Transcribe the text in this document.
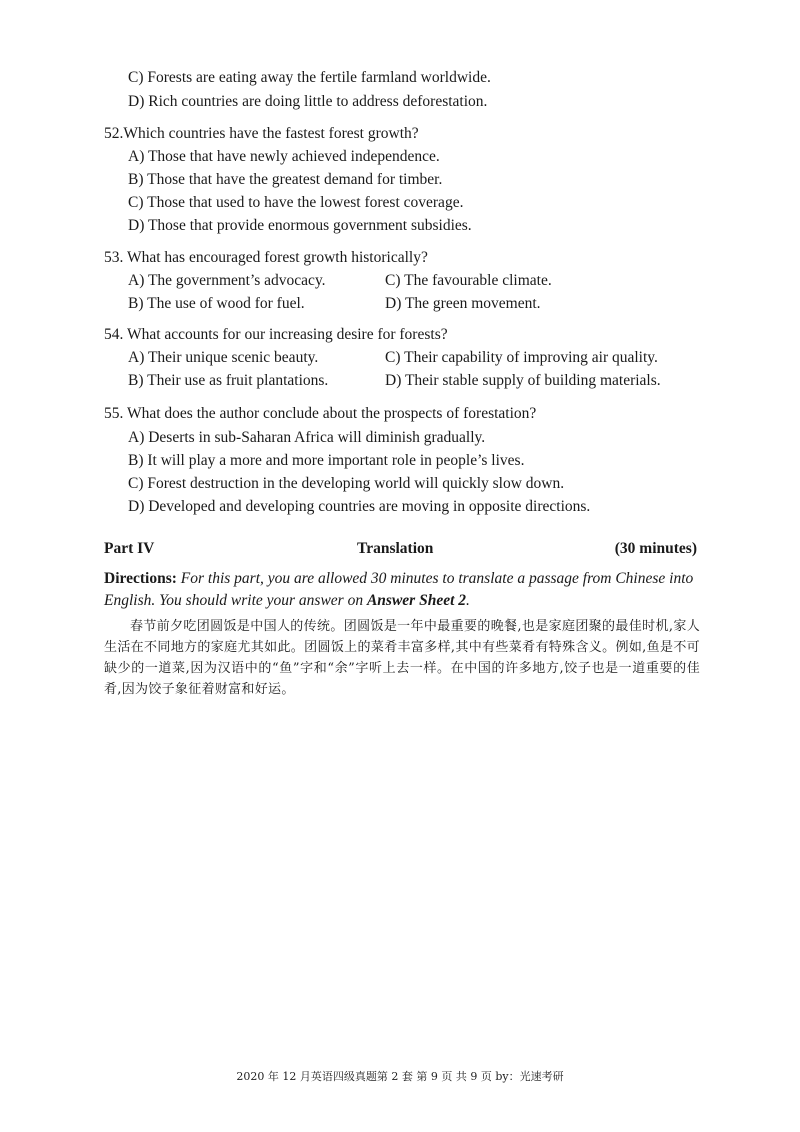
C) Forests are eating away the fertile farmland worldwide.
D) Rich countries are doing little to address deforestation.
52.Which countries have the fastest forest growth?
A) Those that have newly achieved independence.
B) Those that have the greatest demand for timber.
C) Those that used to have the lowest forest coverage.
D) Those that provide enormous government subsidies.
53. What has encouraged forest growth historically?
A) The government’s advocacy.	C) The favourable climate.
B) The use of wood for fuel.	D) The green movement.
54. What accounts for our increasing desire for forests?
A) Their unique scenic beauty.	C) Their capability of improving air quality.
B) Their use as fruit plantations.	D) Their stable supply of building materials.
55. What does the author conclude about the prospects of forestation?
A) Deserts in sub-Saharan Africa will diminish gradually.
B) It will play a more and more important role in people’s lives.
C) Forest destruction in the developing world will quickly slow down.
D) Developed and developing countries are moving in opposite directions.
Part IV	Translation	(30 minutes)
Directions: For this part, you are allowed 30 minutes to translate a passage from Chinese into English. You should write your answer on Answer Sheet 2.
春节前夕吃团圆饭是中国人的传统。团圆饭是一年中最重要的晚餐,也是家庭团聚的最佳时机,家人生活在不同地方的家庭尤其如此。团圆饭上的菜肴丰富多样,其中有些菜肴有特殊含义。例如,鱼是不可缺少的一道菜,因为汉语中的“鱼”字和“余”字听上去一样。在中国的许多地方,饺子也是一道重要的佳肴,因为饺子象征着财富和好运。
2020 年 12 月英语四级真题第 2 套 第 9 页 共 9 页 by：光速考研
